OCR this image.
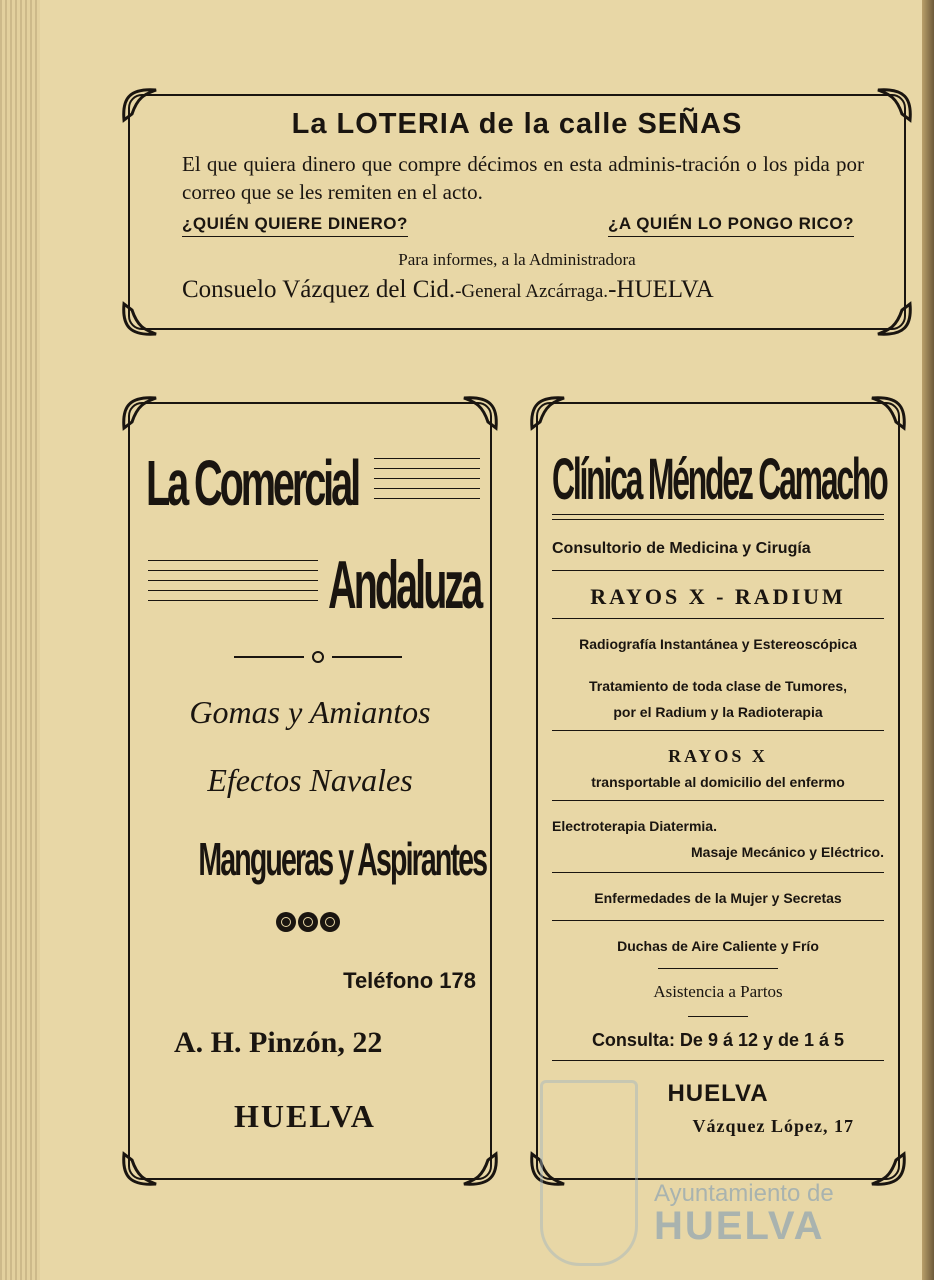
La LOTERIA de la calle SEÑAS
El que quiera dinero que compre décimos en esta adminis-tración o los pida por correo que se les remiten en el acto.
¿QUIÉN QUIERE DINERO?	¿A QUIÉN LO PONGO RICO?
Para informes, a la Administradora
Consuelo Vázquez del Cid.-General Azcárraga.-HUELVA
La Comercial
Andaluza
Gomas y Amiantos
Efectos Navales
Mangueras y Aspirantes
Teléfono 178
A. H. Pinzón, 22
HUELVA
Clínica Méndez Camacho
Consultorio de Medicina y Cirugía
RAYOS X - RADIUM
Radiografía Instantánea y Estereoscópica
Tratamiento de toda clase de Tumores,
por el Radium y la Radioterapia
RAYOS X
transportable al domicilio del enfermo
Electroterapia Diatermia.
Masaje Mecánico y Eléctrico.
Enfermedades de la Mujer y Secretas
Duchas de Aire Caliente y Frío
Asistencia a Partos
Consulta: De 9 á 12 y de 1 á 5
HUELVA
Vázquez López, 17
Ayuntamiento de
HUELVA
